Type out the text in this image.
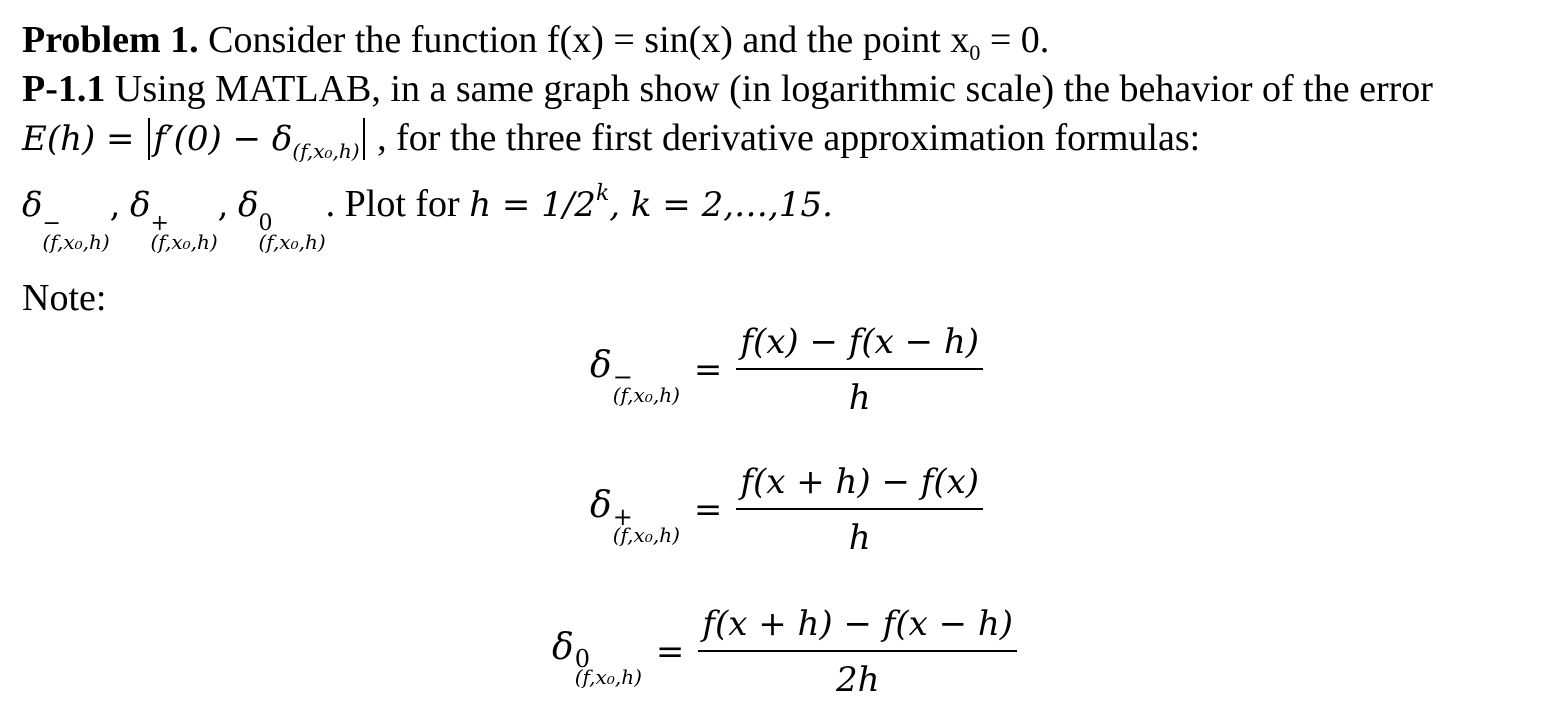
Problem 1. Consider the function f(x) = sin(x) and the point $x_0 = 0$.
P-1.1 Using MATLAB, in a same graph show (in logarithmic scale) the behavior of the error
$E(h) = f'(0) - \delta_{(f,x_0,h)}$ , for the three first derivative approximation formulas:
δ −
(f,x₀,h)
, δ +
(f,x₀,h)
, δ 0
(f,x₀,h)
. Plot for $h = 1/2^k$, k = 2,…,15.
Note:
δ −
(f,x₀,h)
= $\frac{f(x) - f(x - h)}{h}$
δ +
(f,x₀,h)
= $\frac{f(x + h) - f(x)}{h}$
δ 0
(f,x₀,h)
= $\frac{f(x + h) - f(x - h)}{2h}$
